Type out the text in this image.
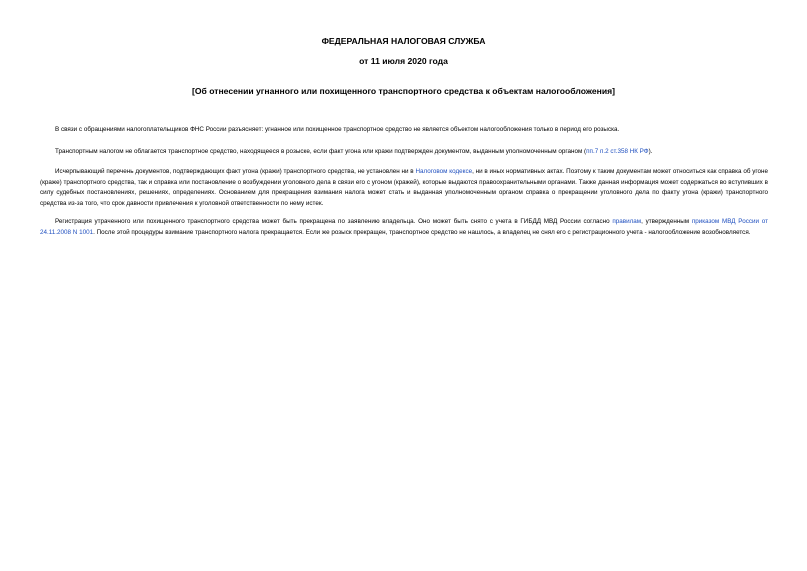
ФЕДЕРАЛЬНАЯ НАЛОГОВАЯ СЛУЖБА
от 11 июля 2020 года
[Об отнесении угнанного или похищенного транспортного средства к объектам налогообложения]

В связи с обращениями налогоплательщиков ФНС России разъясняет: угнанное или похищенное транспортное средство не является объектом налогообложения только в период его розыска.

Транспортным налогом не облагается транспортное средство, находящееся в розыске, если факт угона или кражи подтвержден документом, выданным уполномоченным органом (пп.7 п.2 ст.358 НК РФ).

Исчерпывающий перечень документов, подтверждающих факт угона (кражи) транспортного средства, не установлен ни в Налоговом кодексе, ни в иных нормативных актах. Поэтому к таким документам может относиться как справка об угоне (краже) транспортного средства, так и справка или постановление о возбуждении уголовного дела в связи его с угоном (кражей), которые выдаются правоохранительными органами. Также данная информация может содержаться во вступивших в силу судебных постановлениях, решениях, определениях. Основанием для прекращения взимания налога может стать и выданная уполномоченным органом справка о прекращении уголовного дела по факту угона (кражи) транспортного средства из-за того, что срок давности привлечения к уголовной ответственности по нему истек.

Регистрация утраченного или похищенного транспортного средства может быть прекращена по заявлению владельца. Оно может быть снято с учета в ГИБДД МВД России согласно правилам, утвержденным приказом МВД России от 24.11.2008 N 1001. После этой процедуры взимание транспортного налога прекращается. Если же розыск прекращен, транспортное средство не нашлось, а владелец не снял его с регистрационного учета - налогообложение возобновляется.
